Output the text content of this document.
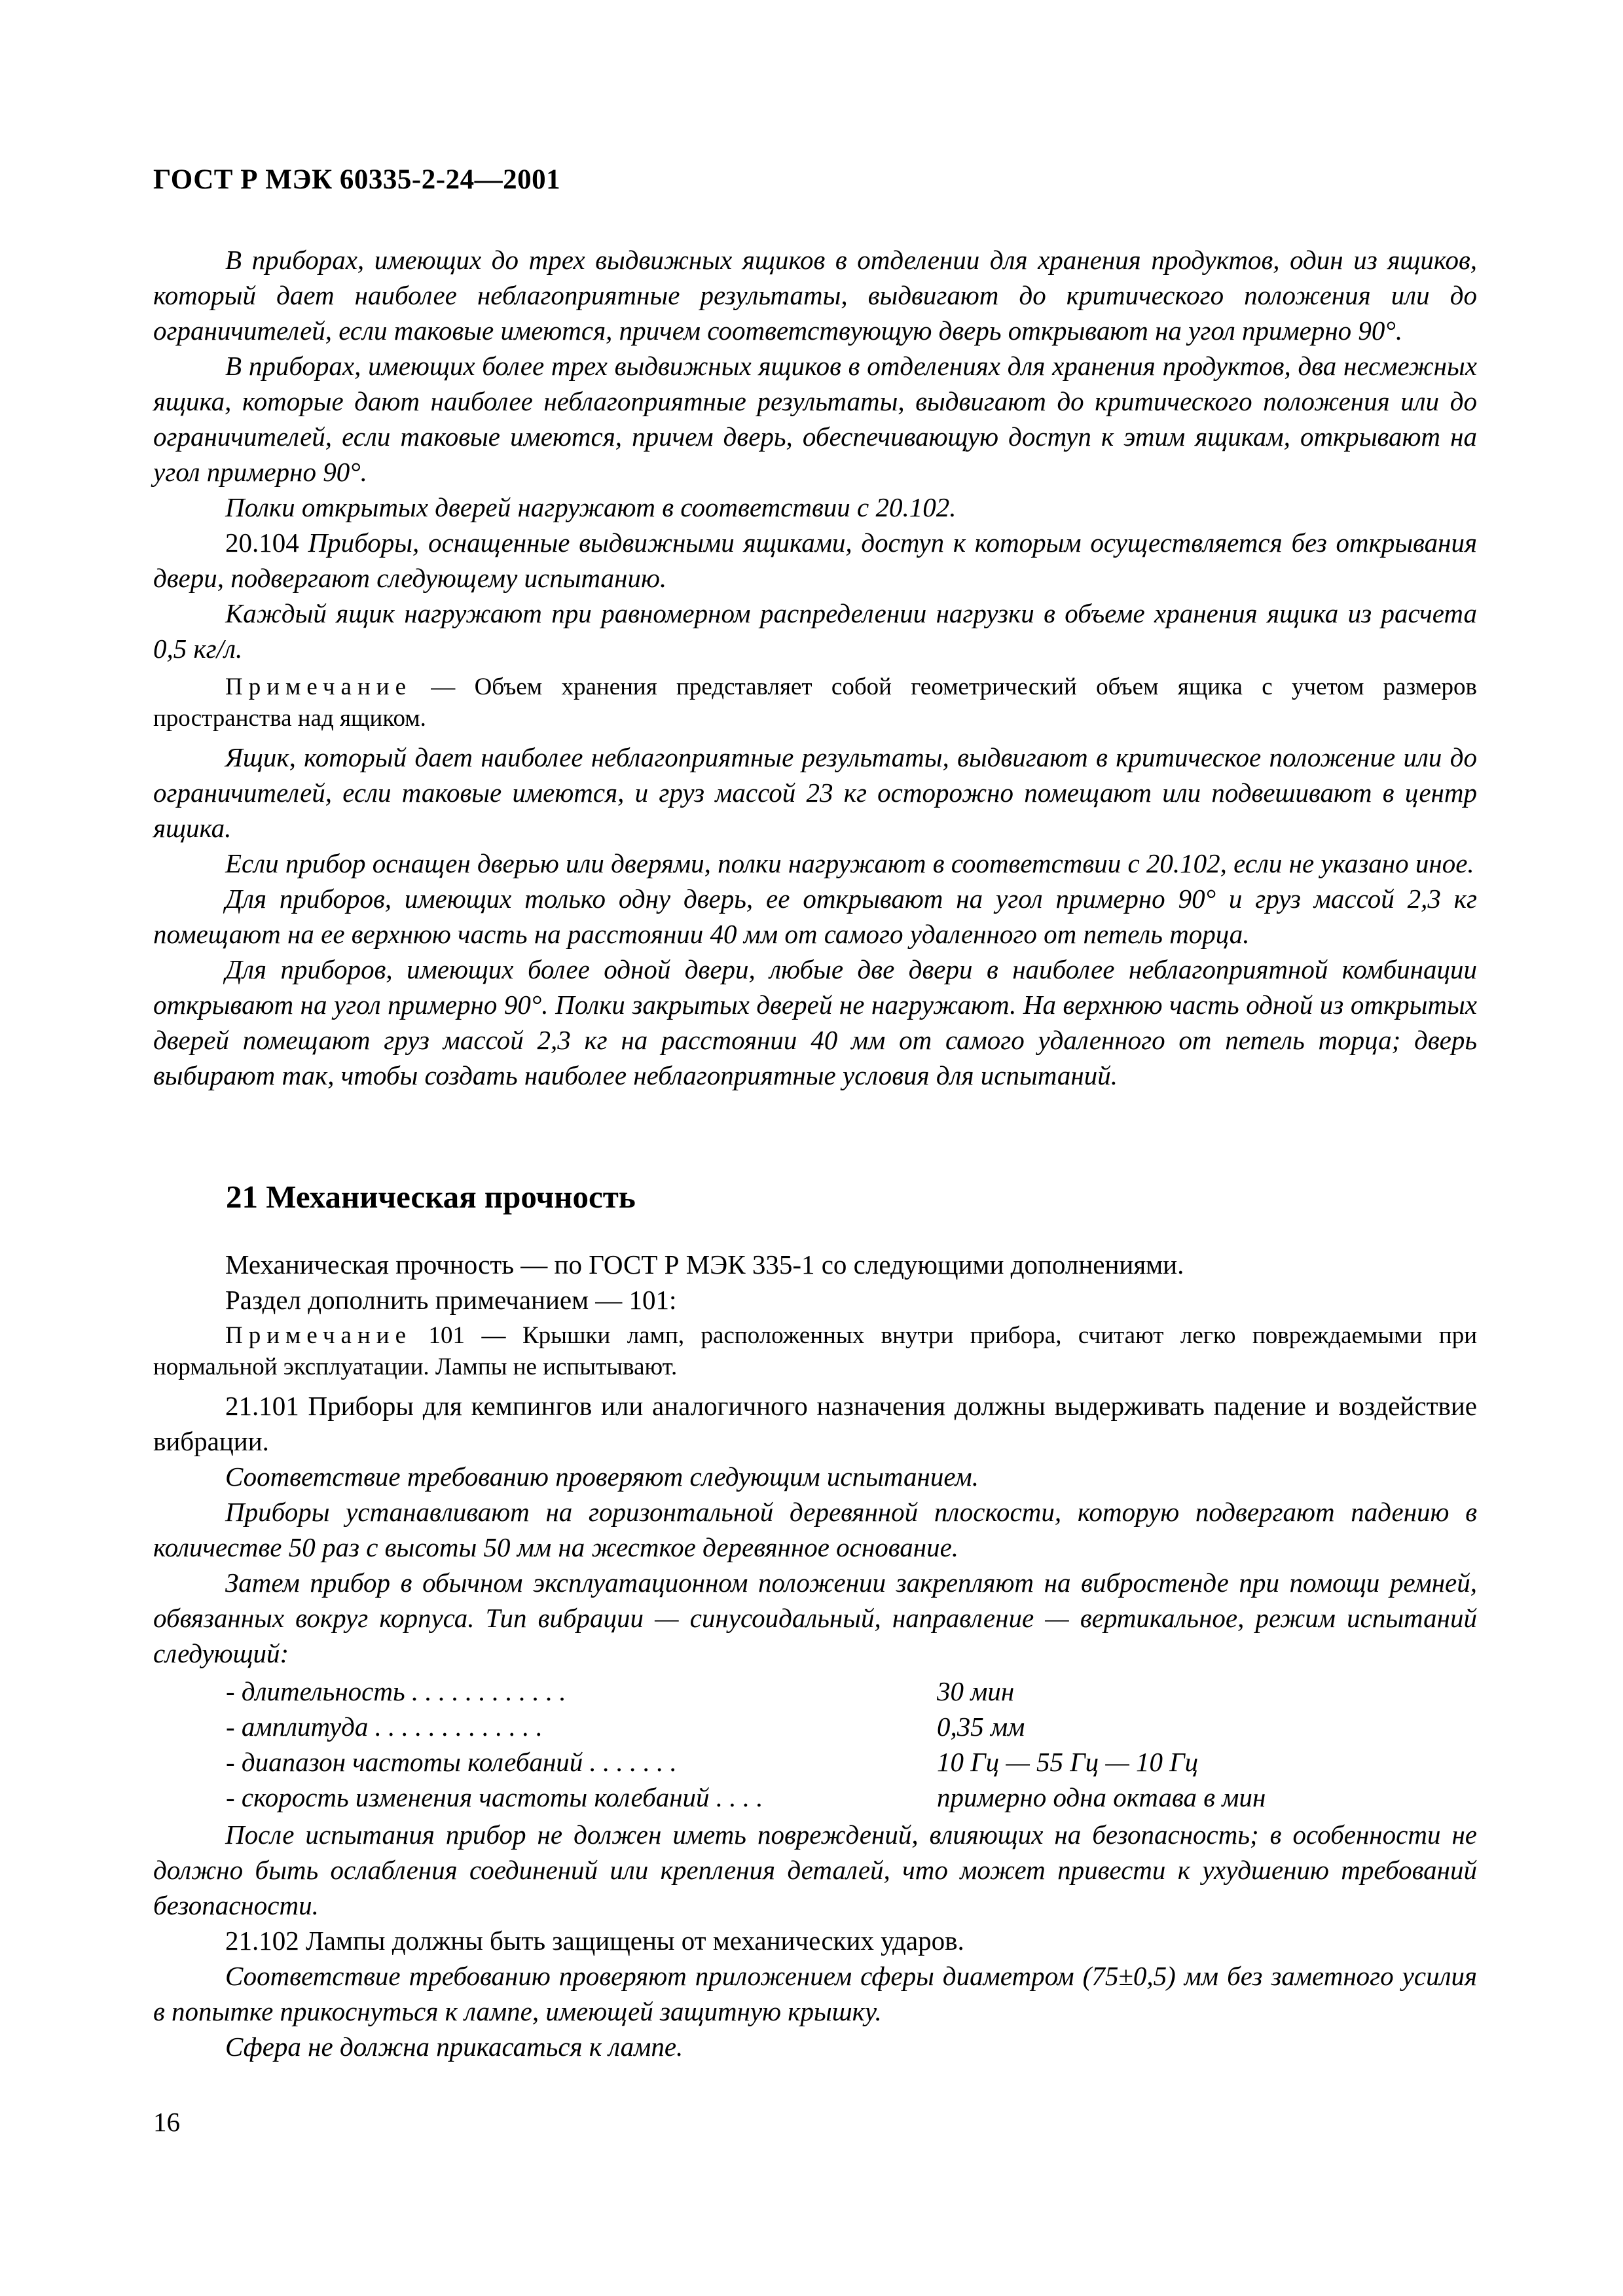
ГОСТ Р МЭК 60335-2-24—2001

В приборах, имеющих до трех выдвижных ящиков в отделении для хранения продуктов, один из ящиков, который дает наиболее неблагоприятные результаты, выдвигают до критического положения или до ограничителей, если таковые имеются, причем соответствующую дверь открывают на угол примерно 90°.

В приборах, имеющих более трех выдвижных ящиков в отделениях для хранения продуктов, два несмежных ящика, которые дают наиболее неблагоприятные результаты, выдвигают до критического положения или до ограничителей, если таковые имеются, причем дверь, обеспечивающую доступ к этим ящикам, открывают на угол примерно 90°.

Полки открытых дверей нагружают в соответствии с 20.102.

20.104 Приборы, оснащенные выдвижными ящиками, доступ к которым осуществляется без открывания двери, подвергают следующему испытанию.

Каждый ящик нагружают при равномерном распределении нагрузки в объеме хранения ящика из расчета 0,5 кг/л.

Примечание — Объем хранения представляет собой геометрический объем ящика с учетом размеров пространства над ящиком.

Ящик, который дает наиболее неблагоприятные результаты, выдвигают в критическое положение или до ограничителей, если таковые имеются, и груз массой 23 кг осторожно помещают или подвешивают в центр ящика.

Если прибор оснащен дверью или дверями, полки нагружают в соответствии с 20.102, если не указано иное.

Для приборов, имеющих только одну дверь, ее открывают на угол примерно 90° и груз массой 2,3 кг помещают на ее верхнюю часть на расстоянии 40 мм от самого удаленного от петель торца.

Для приборов, имеющих более одной двери, любые две двери в наиболее неблагоприятной комбинации открывают на угол примерно 90°. Полки закрытых дверей не нагружают. На верхнюю часть одной из открытых дверей помещают груз массой 2,3 кг на расстоянии 40 мм от самого удаленного от петель торца; дверь выбирают так, чтобы создать наиболее неблагоприятные условия для испытаний.

21 Механическая прочность

Механическая прочность — по ГОСТ Р МЭК 335-1 со следующими дополнениями.

Раздел дополнить примечанием — 101:

Примечание 101 — Крышки ламп, расположенных внутри прибора, считают легко повреждаемыми при нормальной эксплуатации. Лампы не испытывают.

21.101 Приборы для кемпингов или аналогичного назначения должны выдерживать падение и воздействие вибрации.

Соответствие требованию проверяют следующим испытанием.

Приборы устанавливают на горизонтальной деревянной плоскости, которую подвергают падению в количестве 50 раз с высоты 50 мм на жесткое деревянное основание.

Затем прибор в обычном эксплуатационном положении закрепляют на вибростенде при помощи ремней, обвязанных вокруг корпуса. Тип вибрации — синусоидальный, направление — вертикальное, режим испытаний следующий:

- длительность . . . . . . . . . . . .	30 мин
- амплитуда . . . . . . . . . . . . .	0,35 мм
- диапазон частоты колебаний . . . . . . .	10 Гц — 55 Гц — 10 Гц
- скорость изменения частоты колебаний . . . .	примерно одна октава в мин

После испытания прибор не должен иметь повреждений, влияющих на безопасность; в особенности не должно быть ослабления соединений или крепления деталей, что может привести к ухудшению требований безопасности.

21.102 Лампы должны быть защищены от механических ударов.

Соответствие требованию проверяют приложением сферы диаметром (75±0,5) мм без заметного усилия в попытке прикоснуться к лампе, имеющей защитную крышку.

Сфера не должна прикасаться к лампе.

16
